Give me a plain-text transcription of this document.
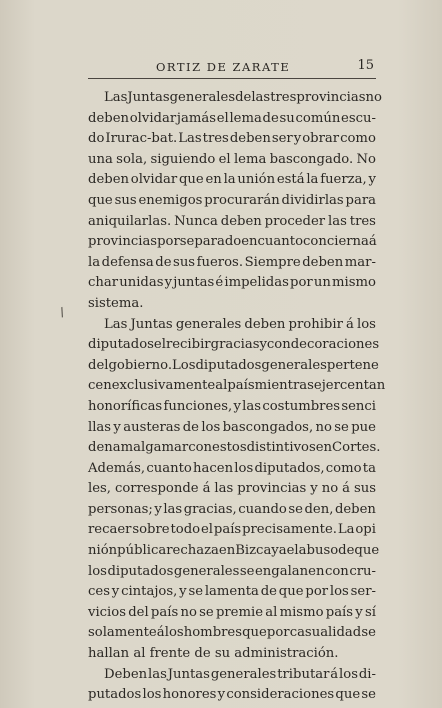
ORTIZ DE ZARATE	15
/
Las Juntas generales de las tres provincias no
deben olvidar jamás el lema de su común escu-
do Irurac-bat. Las tres deben ser y obrar como
una sola, siguiendo el lema bascongado. No
deben olvidar que en la unión está la fuerza, y
que sus enemigos procurarán dividirlas para
aniquilarlas. Nunca deben proceder las tres
provincias por separado en cuanto concierna á
la defensa de sus fueros. Siempre deben mar-
char unidas y juntas é impelidas por un mismo
sistema.
Las Juntas generales deben prohibir á los
diputados el recibir gracias y condecoraciones
del gobierno. Los diputados generales pertene
cen exclusivamente al país mientras ejercen tan
honoríficas funciones, y las costumbres senci
llas y austeras de los bascongados, no se pue
den amalgamar con estos distintivos en Cortes.
Además, cuanto hacen los diputados, como ta
les, corresponde á las provincias y no á sus
personas; y las gracias, cuando se den, deben
recaer sobre todo el país precisamente. La opi
nión pública rechaza en Bizcaya el abuso de que
los diputados generales se engalanen con cru-
ces y cintajos, y se lamenta de que por los ser-
vicios del país no se premie al mismo país y sí
solamente á los hombres que por casualidad se
hallan al frente de su administración.
Deben las Juntas generales tributar á los di-
putados los honores y consideraciones que se
